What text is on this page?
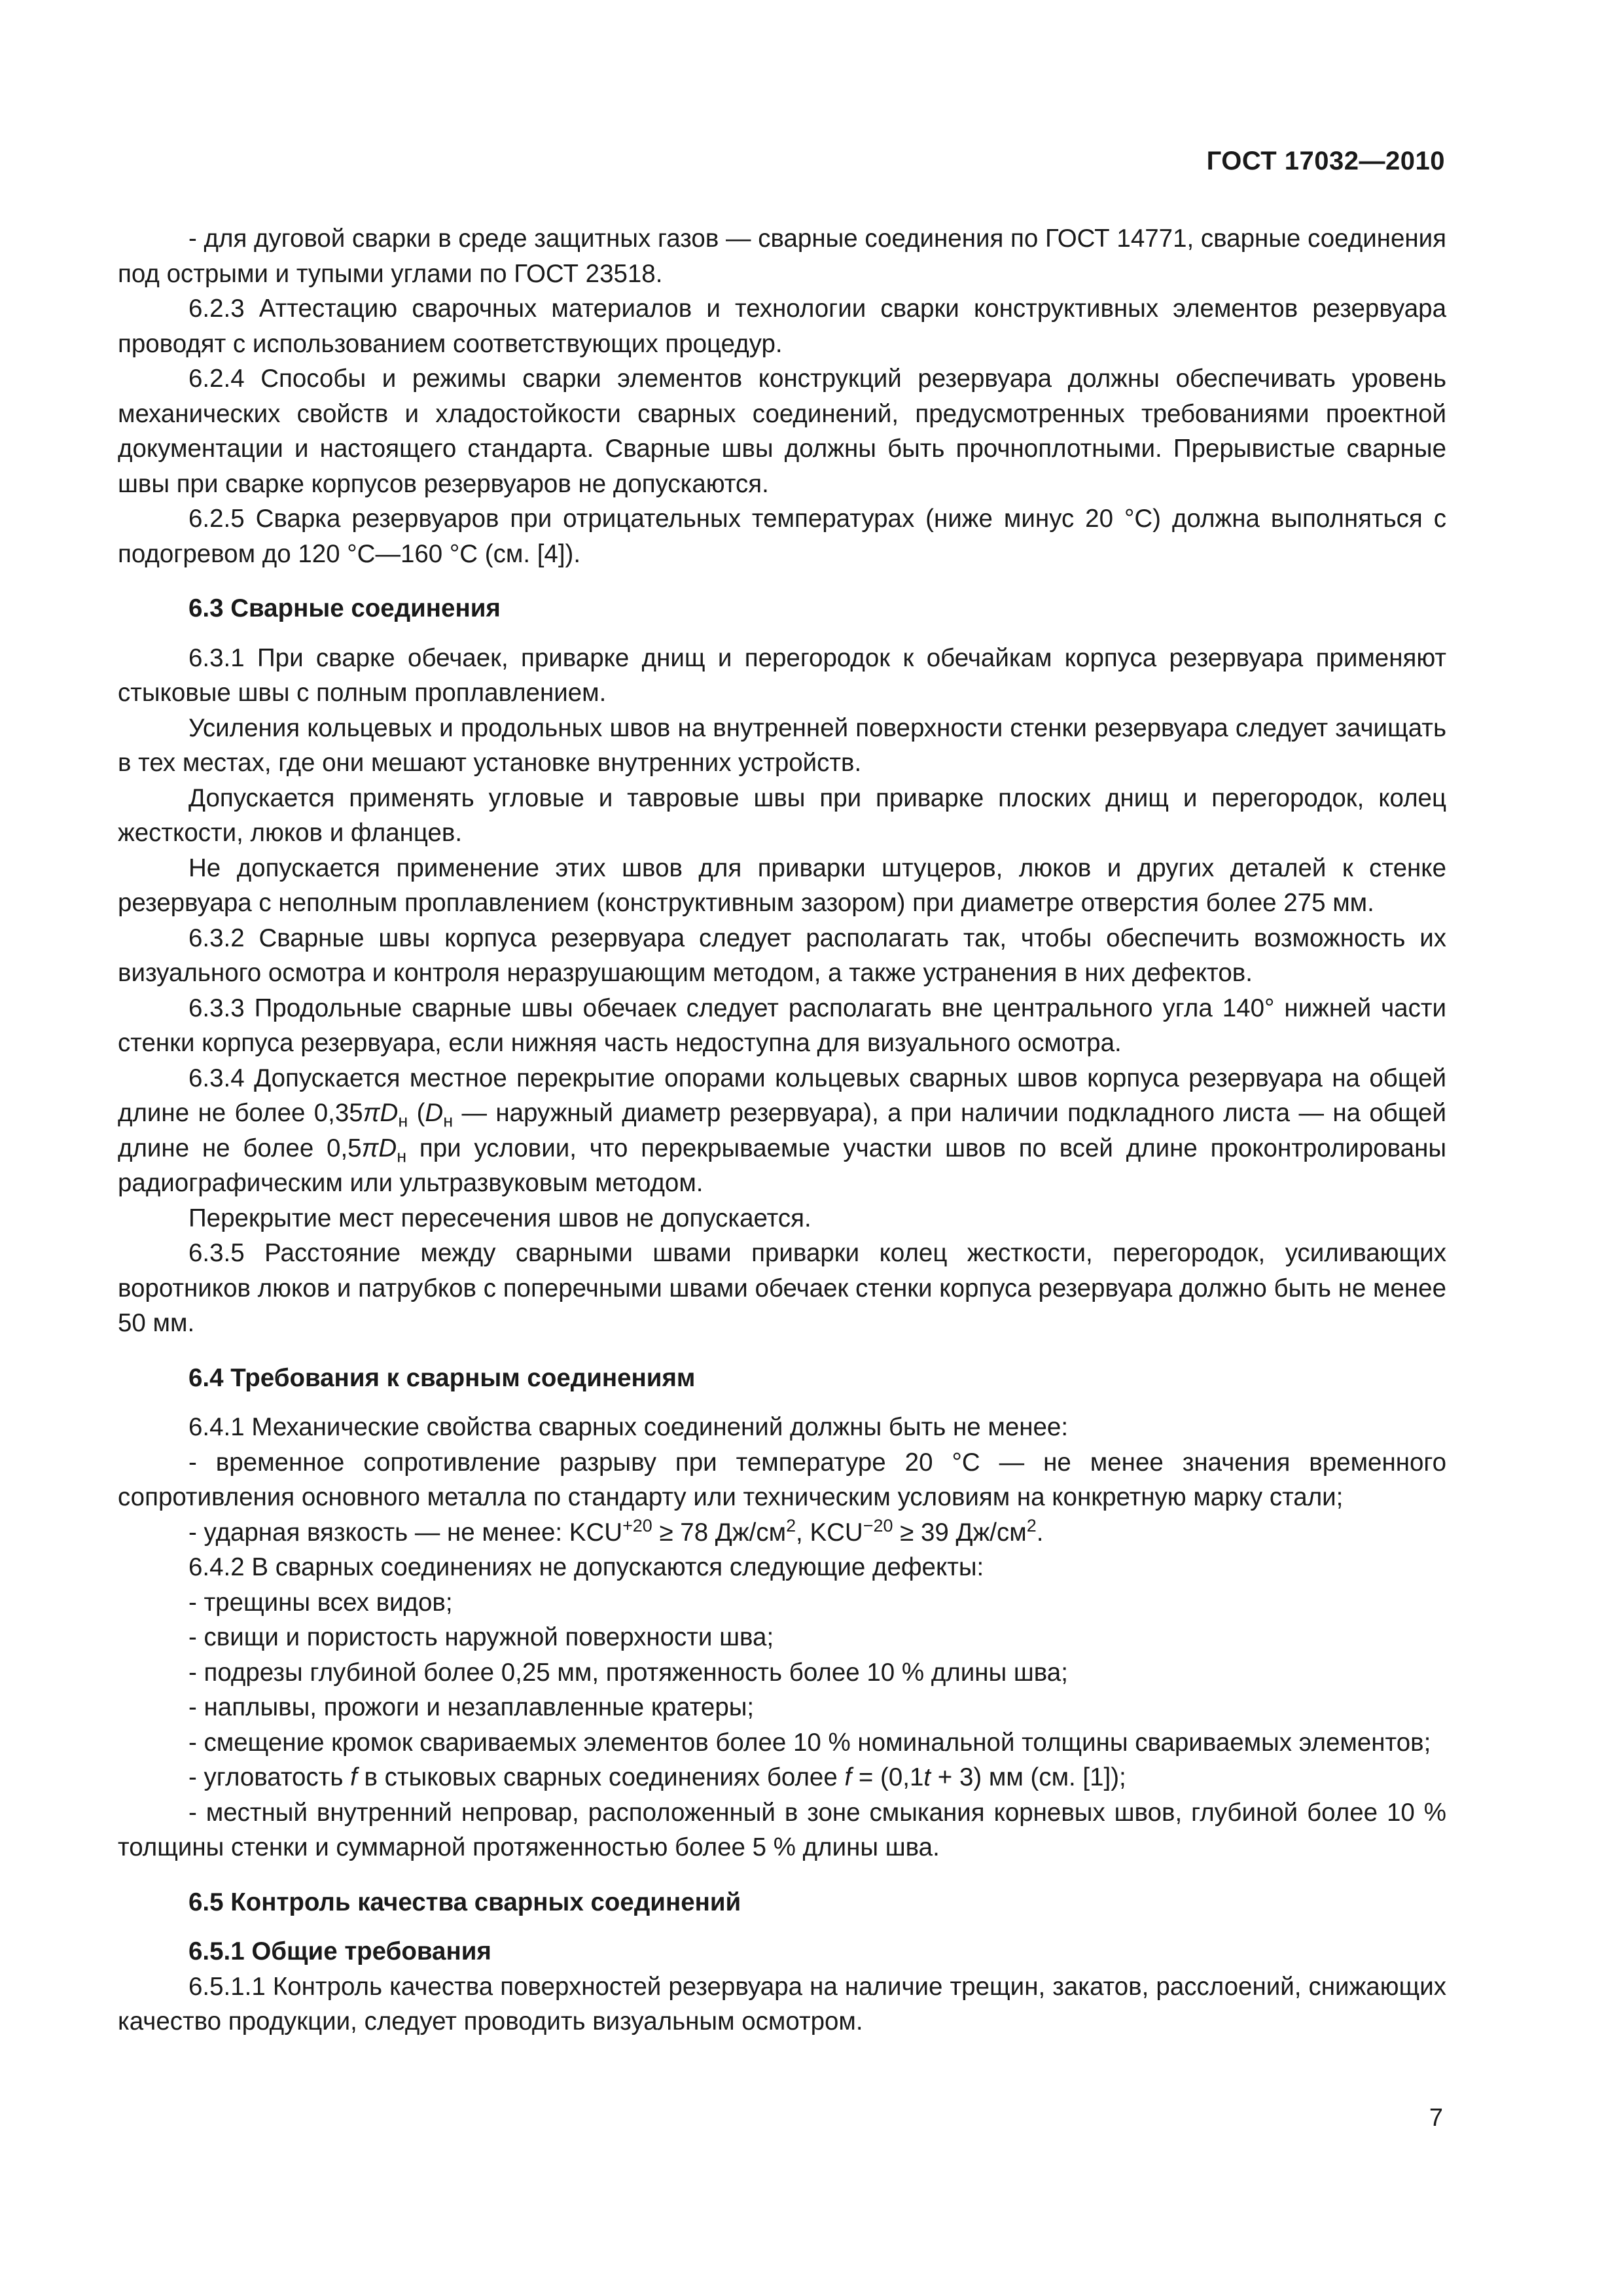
ГОСТ 17032—2010

- для дуговой сварки в среде защитных газов — сварные соединения по ГОСТ 14771, сварные соединения под острыми и тупыми углами по ГОСТ 23518.

6.2.3 Аттестацию сварочных материалов и технологии сварки конструктивных элементов резервуара проводят с использованием соответствующих процедур.

6.2.4 Способы и режимы сварки элементов конструкций резервуара должны обеспечивать уровень механических свойств и хладостойкости сварных соединений, предусмотренных требованиями проектной документации и настоящего стандарта. Сварные швы должны быть прочноплотными. Прерывистые сварные швы при сварке корпусов резервуаров не допускаются.

6.2.5 Сварка резервуаров при отрицательных температурах (ниже минус 20 °С) должна выполняться с подогревом до 120 °С—160 °С (см. [4]).

6.3 Сварные соединения

6.3.1 При сварке обечаек, приварке днищ и перегородок к обечайкам корпуса резервуара применяют стыковые швы с полным проплавлением.

Усиления кольцевых и продольных швов на внутренней поверхности стенки резервуара следует зачищать в тех местах, где они мешают установке внутренних устройств.

Допускается применять угловые и тавровые швы при приварке плоских днищ и перегородок, колец жесткости, люков и фланцев.

Не допускается применение этих швов для приварки штуцеров, люков и других деталей к стенке резервуара с неполным проплавлением (конструктивным зазором) при диаметре отверстия более 275 мм.

6.3.2 Сварные швы корпуса резервуара следует располагать так, чтобы обеспечить возможность их визуального осмотра и контроля неразрушающим методом, а также устранения в них дефектов.

6.3.3 Продольные сварные швы обечаек следует располагать вне центрального угла 140° нижней части стенки корпуса резервуара, если нижняя часть недоступна для визуального осмотра.

6.3.4 Допускается местное перекрытие опорами кольцевых сварных швов корпуса резервуара на общей длине не более $0,35\pi D_н$ ($D_н$ — наружный диаметр резервуара), а при наличии подкладного листа — на общей длине не более $0,5\pi D_н$ при условии, что перекрываемые участки швов по всей длине проконтролированы радиографическим или ультразвуковым методом.

Перекрытие мест пересечения швов не допускается.

6.3.5 Расстояние между сварными швами приварки колец жесткости, перегородок, усиливающих воротников люков и патрубков с поперечными швами обечаек стенки корпуса резервуара должно быть не менее 50 мм.

6.4 Требования к сварным соединениям

6.4.1 Механические свойства сварных соединений должны быть не менее:

- временное сопротивление разрыву при температуре 20 °С — не менее значения временного сопротивления основного металла по стандарту или техническим условиям на конкретную марку стали;

- ударная вязкость — не менее: $KCU^{+20} \ge 78$ $Дж/см^2$, $KCU^{-20} \ge 39$ $Дж/см^2$.

6.4.2 В сварных соединениях не допускаются следующие дефекты:

- трещины всех видов;

- свищи и пористость наружной поверхности шва;

- подрезы глубиной более 0,25 мм, протяженность более 10 % длины шва;

- наплывы, прожоги и незаплавленные кратеры;

- смещение кромок свариваемых элементов более 10 % номинальной толщины свариваемых элементов;

- угловатость f в стыковых сварных соединениях более f = (0,1t + 3) мм (см. [1]);

- местный внутренний непровар, расположенный в зоне смыкания корневых швов, глубиной более 10 % толщины стенки и суммарной протяженностью более 5 % длины шва.

6.5 Контроль качества сварных соединений

6.5.1 Общие требования

6.5.1.1 Контроль качества поверхностей резервуара на наличие трещин, закатов, расслоений, снижающих качество продукции, следует проводить визуальным осмотром.

7
